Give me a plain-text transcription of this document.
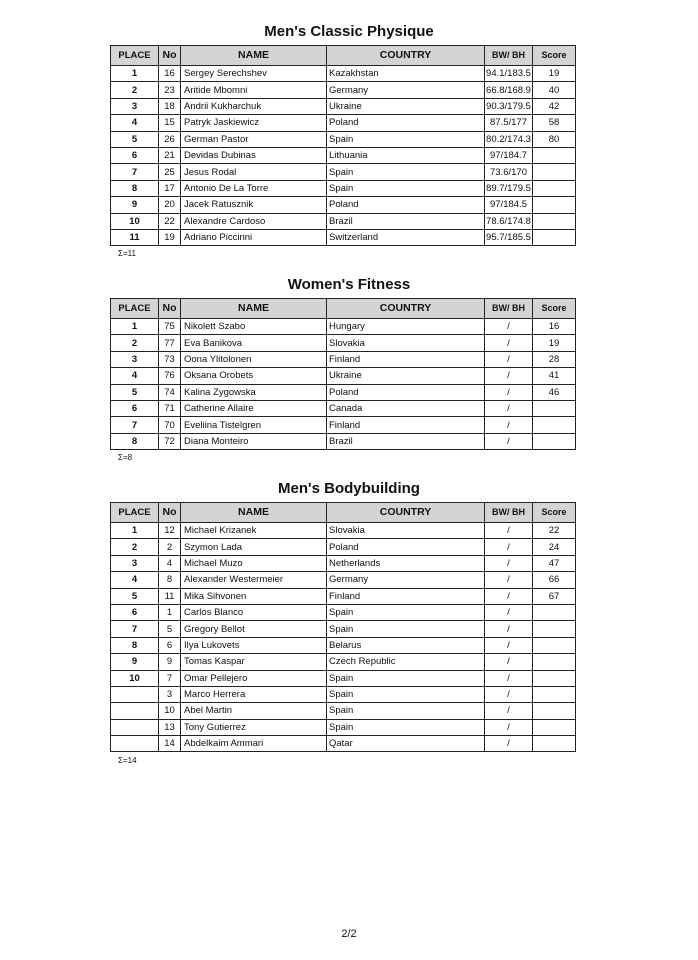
Men's Classic Physique
PLACE	No	NAME	COUNTRY	BW/ BH	Score
1	16	Sergey Serechshev	Kazakhstan	94.1/183.5	19
2	23	Aritide Mbomni	Germany	66.8/168.9	40
3	18	Andrii Kukharchuk	Ukraine	90.3/179.5	42
4	15	Patryk Jaskiewicz	Poland	87.5/177	58
5	26	German Pastor	Spain	80.2/174.3	80
6	21	Devidas Dubinas	Lithuania	97/184.7	
7	25	Jesus Rodal	Spain	73.6/170	
8	17	Antonio De La Torre	Spain	89.7/179.5	
9	20	Jacek Ratusznik	Poland	97/184.5	
10	22	Alexandre Cardoso	Brazil	78.6/174.8	
11	19	Adriano Piccinni	Switzerland	95.7/185.5	
Σ=11
Women's Fitness
PLACE	No	NAME	COUNTRY	BW/ BH	Score
1	75	Nikolett Szabo	Hungary	/	16
2	77	Eva Banikova	Slovakia	/	19
3	73	Oona Ylitolonen	Finland	/	28
4	76	Oksana Orobets	Ukraine	/	41
5	74	Kalina Zygowska	Poland	/	46
6	71	Catherine Allaire	Canada	/	
7	70	Eveliina Tistelgren	Finland	/	
8	72	Diana Monteiro	Brazil	/	
Σ=8
Men's Bodybuilding
PLACE	No	NAME	COUNTRY	BW/ BH	Score
1	12	Michael Krizanek	Slovakia	/	22
2	2	Szymon Lada	Poland	/	24
3	4	Michael Muzo	Netherlands	/	47
4	8	Alexander Westermeier	Germany	/	66
5	11	Mika Sihvonen	Finland	/	67
6	1	Carlos Blanco	Spain	/	
7	5	Gregory Bellot	Spain	/	
8	6	Ilya Lukovets	Belarus	/	
9	9	Tomas Kaspar	Czech Republic	/	
10	7	Omar Pellejero	Spain	/	
	3	Marco Herrera	Spain	/	
	10	Abel Martin	Spain	/	
	13	Tony Gutierrez	Spain	/	
	14	Abdelkaim Ammari	Qatar	/	
Σ=14
2/2
